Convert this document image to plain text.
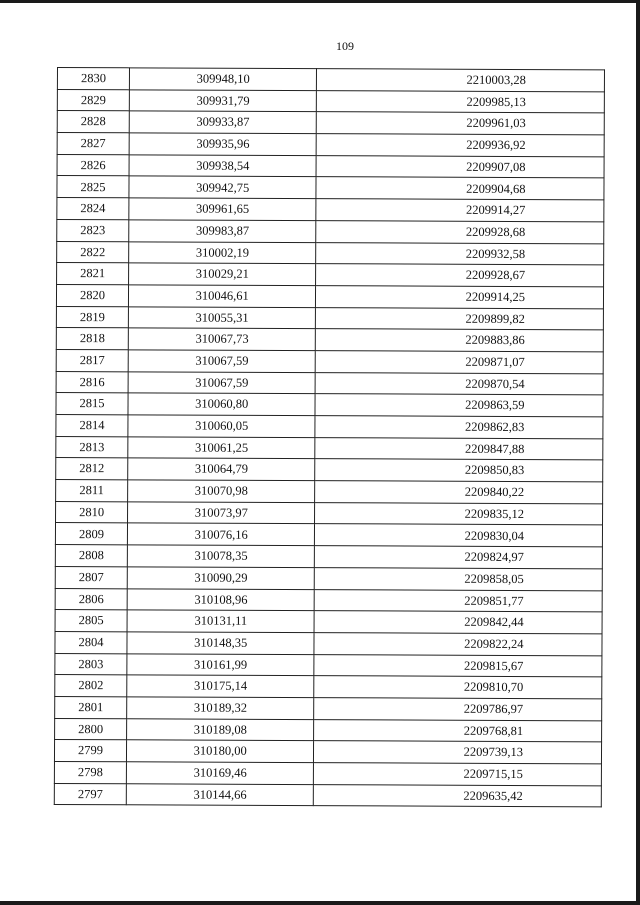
109
2830	309948,10	2210003,28
2829	309931,79	2209985,13
2828	309933,87	2209961,03
2827	309935,96	2209936,92
2826	309938,54	2209907,08
2825	309942,75	2209904,68
2824	309961,65	2209914,27
2823	309983,87	2209928,68
2822	310002,19	2209932,58
2821	310029,21	2209928,67
2820	310046,61	2209914,25
2819	310055,31	2209899,82
2818	310067,73	2209883,86
2817	310067,59	2209871,07
2816	310067,59	2209870,54
2815	310060,80	2209863,59
2814	310060,05	2209862,83
2813	310061,25	2209847,88
2812	310064,79	2209850,83
2811	310070,98	2209840,22
2810	310073,97	2209835,12
2809	310076,16	2209830,04
2808	310078,35	2209824,97
2807	310090,29	2209858,05
2806	310108,96	2209851,77
2805	310131,11	2209842,44
2804	310148,35	2209822,24
2803	310161,99	2209815,67
2802	310175,14	2209810,70
2801	310189,32	2209786,97
2800	310189,08	2209768,81
2799	310180,00	2209739,13
2798	310169,46	2209715,15
2797	310144,66	2209635,42
